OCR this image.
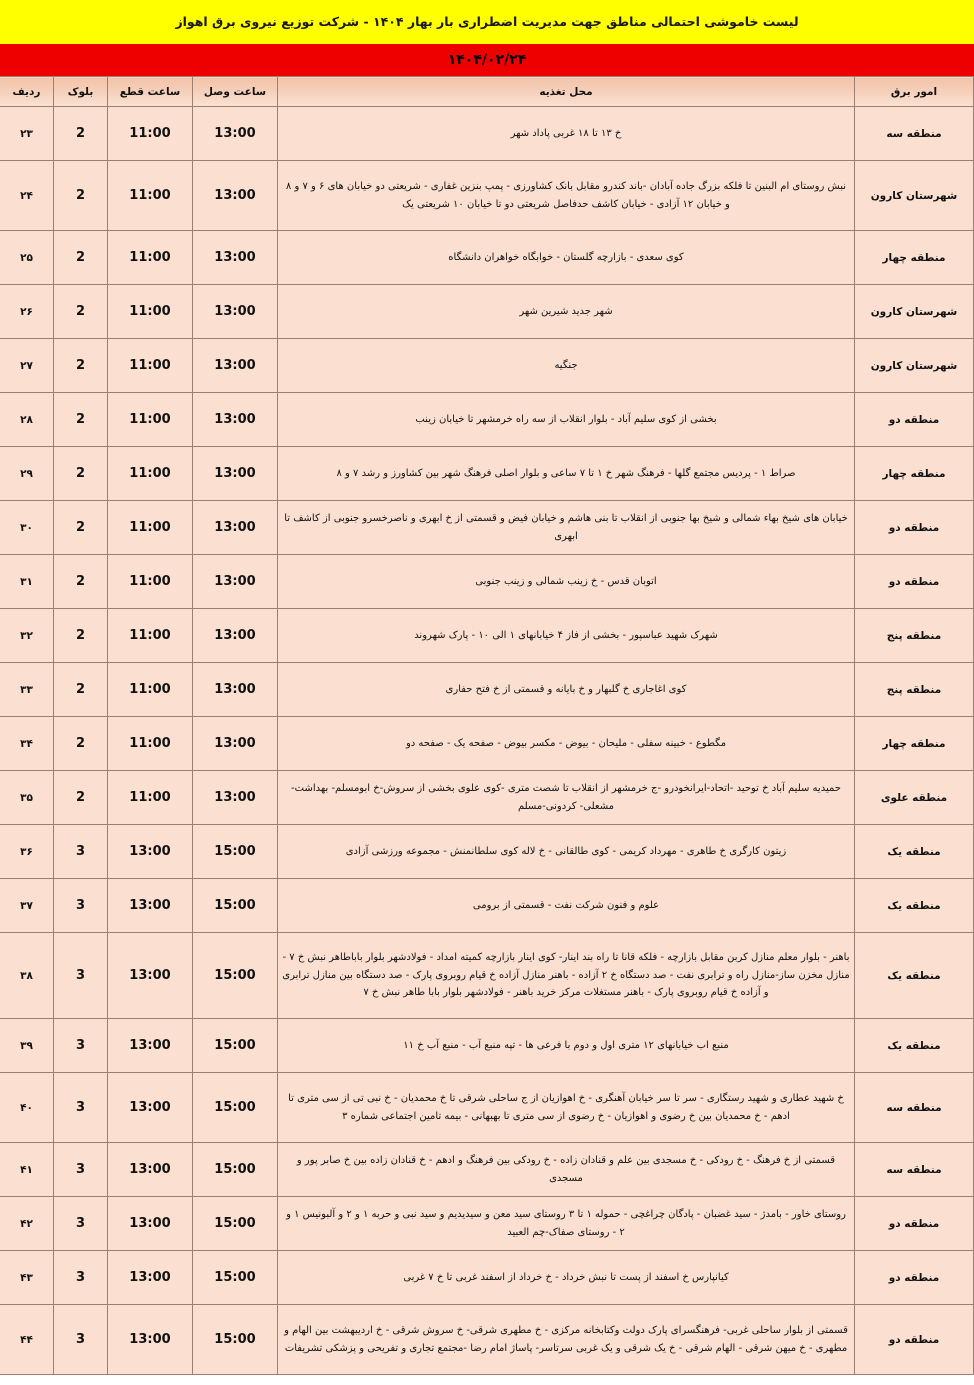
لیست خاموشی احتمالی مناطق جهت مدیریت اضطراری بار بهار ۱۴۰۴ - شرکت توزیع نیروی برق اهواز
۱۴۰۴/۰۲/۲۴
امور برق	محل تغذیه	ساعت وصل	ساعت قطع	بلوک	ردیف
منطقه سه	خ ۱۳ تا ۱۸ غربی پاداد شهر	13:00	11:00	2	۲۳
شهرستان کارون	نبش روستای ام البنین تا فلکه بزرگ جاده آبادان -باند کندرو مقابل بانک کشاورزی - پمپ بنزین غفاری - شریعتی دو خیابان های ۶ و ۷ و ۸ و خیابان ۱۲ آزادی - خیابان کاشف حدفاصل شریعتی دو تا خیابان ۱۰ شریعتی یک	13:00	11:00	2	۲۴
منطقه چهار	کوی سعدی - بازارچه گلستان - خوابگاه خواهران دانشگاه	13:00	11:00	2	۲۵
شهرستان کارون	شهر جدید شیرین شهر	13:00	11:00	2	۲۶
شهرستان کارون	جنگیه	13:00	11:00	2	۲۷
منطقه دو	بخشی از کوی سلیم آباد - بلوار انقلاب از سه راه خرمشهر تا خیابان زینب	13:00	11:00	2	۲۸
منطقه چهار	صراط ۱ - پردیس مجتمع گلها - فرهنگ شهر خ ۱ تا ۷ ساعی و بلوار اصلی فرهنگ شهر بین کشاورز و رشد ۷ و ۸	13:00	11:00	2	۲۹
منطقه دو	خیابان های شیخ بهاء شمالی و شیخ بها جنوبی از انقلاب تا بنی هاشم و خیابان فیض و قسمتی از خ ابهری و ناصرخسرو جنوبی از کاشف تا ابهری	13:00	11:00	2	۳۰
منطقه دو	اتوبان قدس - خ زینب شمالی و زینب جنوبی	13:00	11:00	2	۳۱
منطقه پنج	شهرک شهید عباسپور - بخشی از فاز ۴ خیابانهای ۱ الی ۱۰ - پارک شهروند	13:00	11:00	2	۳۲
منطقه پنج	کوی اغاجاری خ گلبهار و خ بایانه و قسمتی از خ فتح حفاری	13:00	11:00	2	۳۳
منطقه چهار	مگطوع - خبینه سفلی - ملیحان - بیوض - مکسر بیوض - صفحه یک - صفحه دو	13:00	11:00	2	۳۴
منطقه علوی	حمیدیه سلیم آباد خ توحید -اتحاد-ایرانخودرو -ج خرمشهر از انقلاب تا شصت متری -کوی علوی بخشی از سروش-خ ابومسلم- بهداشت- مشعلی- کردونی-مسلم	13:00	11:00	2	۳۵
منطقه یک	زیتون کارگری خ طاهری - مهرداد کریمی - کوی طالقانی - خ لاله کوی سلطانمنش - مجموعه ورزشی آزادی	15:00	13:00	3	۳۶
منطقه یک	علوم و فنون شرکت نفت - قسمتی از برومی	15:00	13:00	3	۳۷
منطقه یک	باهنر - بلوار معلم منازل کربن مقابل بازارچه - فلکه قانا تا راه بند اینار- کوی اینار بازارچه کمیته امداد - فولادشهر بلوار باباطاهر نبش خ ۷ - منازل مخزن ساز-منازل راه و ترابری نفت - صد دستگاه خ ۲ آزاده - باهنر منازل آزاده خ قیام روبروی پارک - صد دستگاه بین منازل ترابری و آزاده خ قیام روبروی پارک - باهنر مستغلات مرکز خرید باهنر - فولادشهر بلوار بابا طاهر نبش خ ۷	15:00	13:00	3	۳۸
منطقه یک	منبع اب خیابانهای ۱۲ متری اول و دوم با فرعی ها - تپه منبع آب - منبع آب خ ۱۱	15:00	13:00	3	۳۹
منطقه سه	خ شهید عطاری و شهید رستگاری - سر تا سر خیابان آهنگری - خ اهوازیان از ج ساحلی شرقی تا خ محمدیان - خ نبی تی از سی متری تا ادهم - خ محمدیان بین خ رضوی و اهوازیان - خ رضوی از سی متری تا بهبهانی - بیمه تامین اجتماعی شماره ۳	15:00	13:00	3	۴۰
منطقه سه	قسمتی از خ فرهنگ - خ رودکی - خ مسجدی بین علم و قنادان زاده - خ رودکی بین فرهنگ و ادهم - خ قنادان زاده بین خ صابر پور و مسجدی	15:00	13:00	3	۴۱
منطقه دو	روستای خاور - بامدژ - سید غضبان - پادگان چراغچی - حموله ۱ تا ۳ روستای سید معن و سیدیدیم و سید نبی و حربه ۱ و ۲ و آلبونیس ۱ و ۲ - روستای صفاک-چم العبید	15:00	13:00	3	۴۲
منطقه دو	کیانپارس خ اسفند از پست تا نبش خرداد - خ خرداد از اسفند غربی تا خ ۷ غربی	15:00	13:00	3	۴۳
منطقه دو	قسمتی از بلوار ساحلی غربی- فرهنگسرای پارک دولت وکتابخانه مرکزی - خ مطهری شرقی- خ سروش شرقی - خ اردیبهشت بین الهام و مطهری - خ میهن شرقی - الهام شرقی - خ یک شرقی و یک غربی سرتاسر- پاساژ امام رضا -مجتمع تجاری و تفریحی و پزشکی تشریفات	15:00	13:00	3	۴۴
